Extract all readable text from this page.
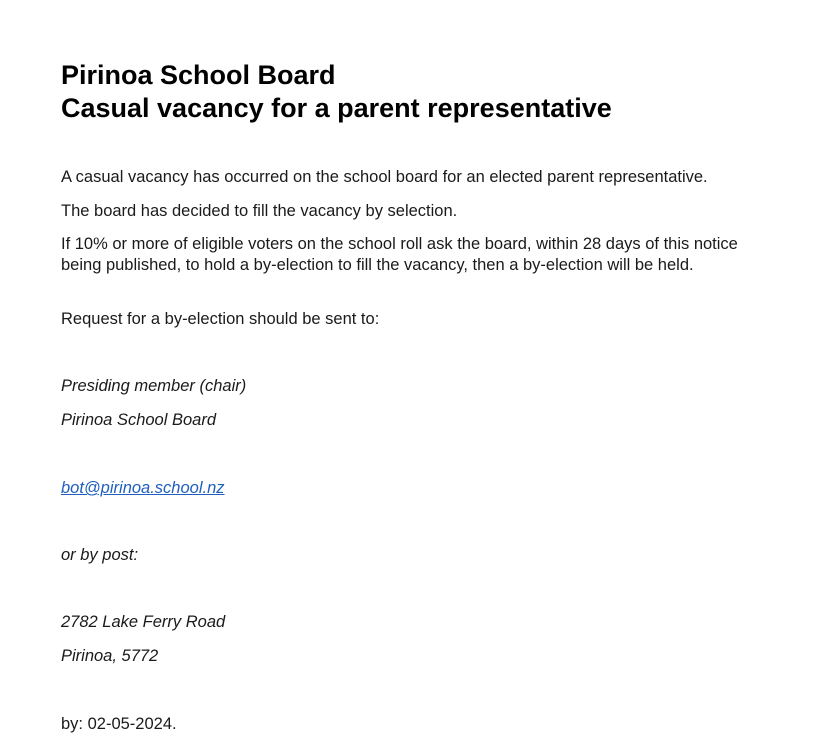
Pirinoa School Board
Casual vacancy for a parent representative

A casual vacancy has occurred on the school board for an elected parent representative.

The board has decided to fill the vacancy by selection.

If 10% or more of eligible voters on the school roll ask the board, within 28 days of this notice being published, to hold a by-election to fill the vacancy, then a by-election will be held.

Request for a by-election should be sent to:

Presiding member (chair)

Pirinoa School Board

bot@pirinoa.school.nz

or by post:

2782 Lake Ferry Road

Pirinoa, 5772

by: 02-05-2024.
